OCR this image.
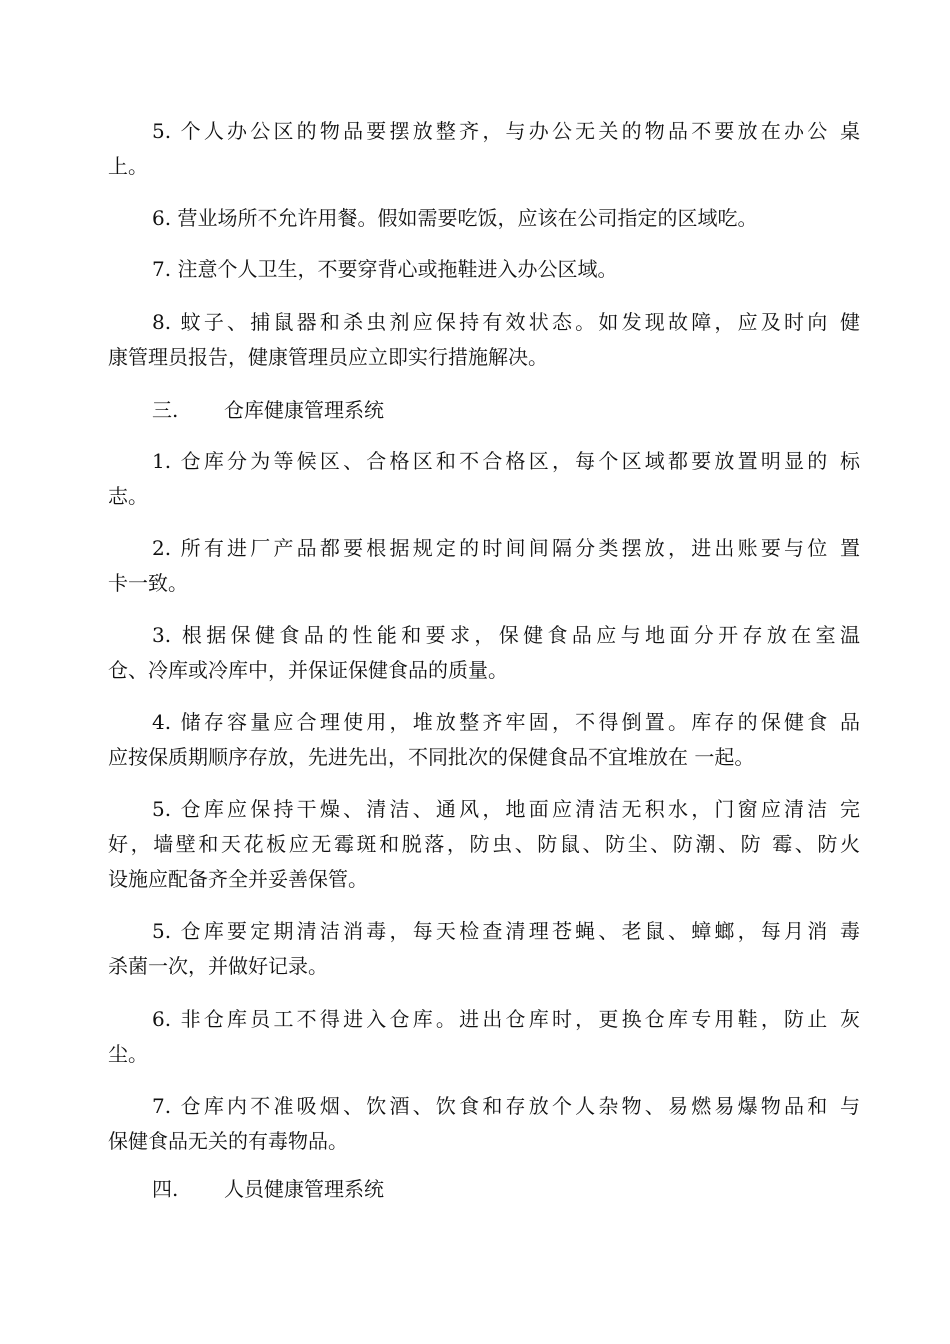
5. 个人办公区的物品要摆放整齐，与办公无关的物品不要放在办公 桌
上。
6. 营业场所不允许用餐。假如需要吃饭，应该在公司指定的区域吃。
7. 注意个人卫生，不要穿背心或拖鞋进入办公区域。
8. 蚊子、捕鼠器和杀虫剂应保持有效状态。如发现故障，应及时向 健
康管理员报告，健康管理员应立即实行措施解决。
三. 仓库健康管理系统
1. 仓库分为等候区、合格区和不合格区，每个区域都要放置明显的 标
志。
2. 所有进厂产品都要根据规定的时间间隔分类摆放，进出账要与位 置
卡一致。
3. 根据保健食品的性能和要求，保健食品应与地面分开存放在室温
仓、冷库或冷库中，并保证保健食品的质量。
4. 储存容量应合理使用，堆放整齐牢固，不得倒置。库存的保健食 品
应按保质期顺序存放，先进先出，不同批次的保健食品不宜堆放在 一起。
5. 仓库应保持干燥、清洁、通风，地面应清洁无积水，门窗应清洁 完
好，墙壁和天花板应无霉斑和脱落，防虫、防鼠、防尘、防潮、防 霉、防火
设施应配备齐全并妥善保管。
5. 仓库要定期清洁消毒，每天检查清理苍蝇、老鼠、蟑螂，每月消 毒
杀菌一次，并做好记录。
6. 非仓库员工不得进入仓库。进出仓库时，更换仓库专用鞋，防止 灰
尘。
7. 仓库内不准吸烟、饮酒、饮食和存放个人杂物、易燃易爆物品和 与
保健食品无关的有毒物品。
四. 人员健康管理系统
